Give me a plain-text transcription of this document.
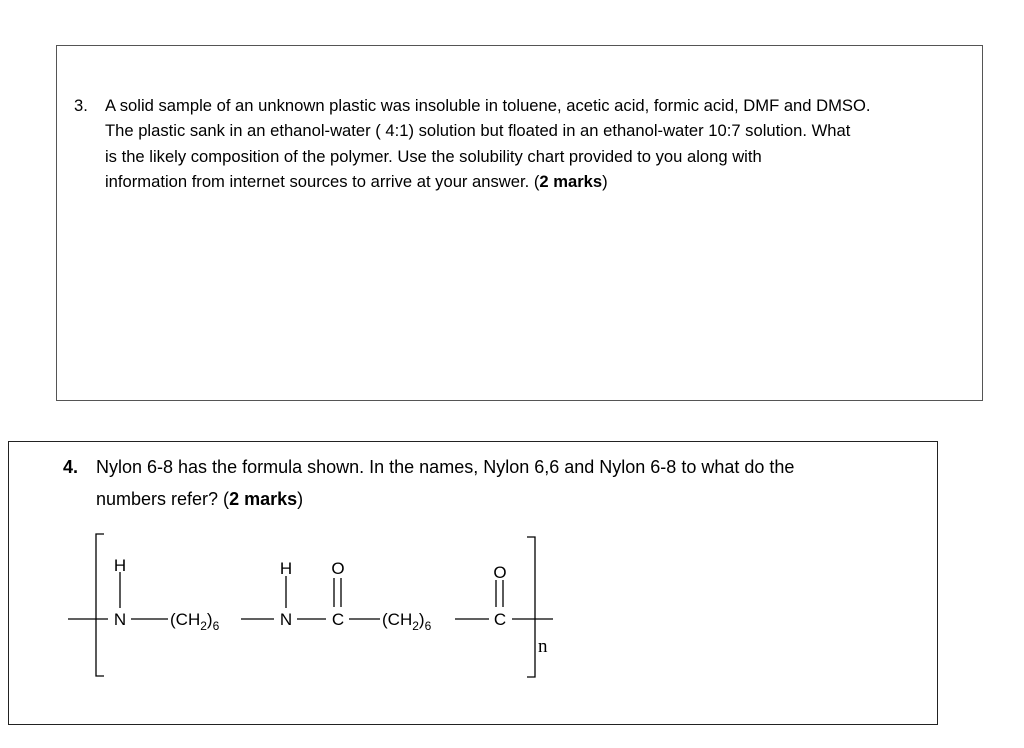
3. A solid sample of an unknown plastic was insoluble in toluene, acetic acid, formic acid, DMF and DMSO.
The plastic sank in an ethanol-water ( 4:1) solution but floated in an ethanol-water 10:7 solution. What
is the likely composition of the polymer. Use the solubility chart provided to you along with
information from internet sources to arrive at your answer. (2 marks)
4. Nylon 6-8 has the formula shown. In the names, Nylon 6,6 and Nylon 6-8 to what do the
numbers refer? (2 marks)
H
N
H
N
O
C
O
C
$(CH_2)_6$	$(CH_2)_6$
n
